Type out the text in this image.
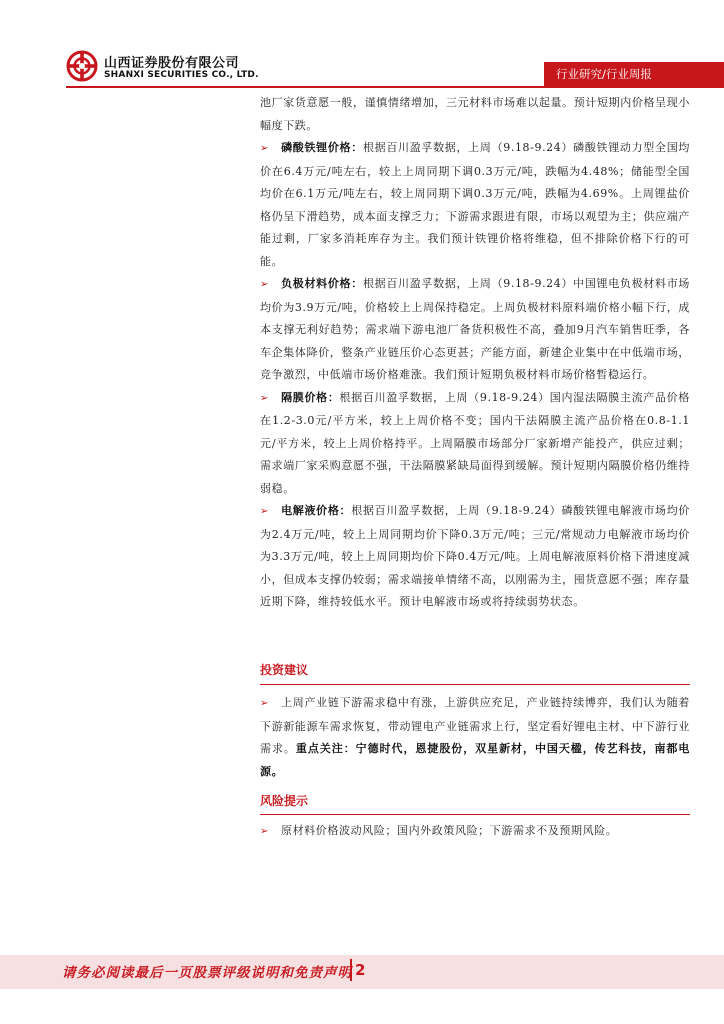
山西证券股份有限公司
SHANXI SECURITIES CO., LTD.	行业研究/行业周报

池厂家货意愿一般，谨慎情绪增加，三元材料市场难以起量。预计短期内价格呈现小幅度下跌。

➢ 磷酸铁锂价格：根据百川盈孚数据，上周（9.18-9.24）磷酸铁锂动力型全国均价在6.4万元/吨左右，较上上周同期下调0.3万元/吨，跌幅为4.48%；储能型全国均价在6.1万元/吨左右，较上周同期下调0.3万元/吨，跌幅为4.69%。上周锂盐价格仍呈下滑趋势，成本面支撑乏力；下游需求跟进有限，市场以观望为主；供应端产能过剩，厂家多消耗库存为主。我们预计铁锂价格将维稳，但不排除价格下行的可能。

➢ 负极材料价格：根据百川盈孚数据，上周（9.18-9.24）中国锂电负极材料市场均价为3.9万元/吨，价格较上上周保持稳定。上周负极材料原料端价格小幅下行，成本支撑无利好趋势；需求端下游电池厂备货积极性不高，叠加9月汽车销售旺季，各车企集体降价，整条产业链压价心态更甚；产能方面，新建企业集中在中低端市场，竞争激烈，中低端市场价格难涨。我们预计短期负极材料市场价格暂稳运行。

➢ 隔膜价格：根据百川盈孚数据，上周（9.18-9.24）国内湿法隔膜主流产品价格在1.2-3.0元/平方米，较上上周价格不变；国内干法隔膜主流产品价格在0.8-1.1元/平方米，较上上周价格持平。上周隔膜市场部分厂家新增产能投产，供应过剩；需求端厂家采购意愿不强，干法隔膜紧缺局面得到缓解。预计短期内隔膜价格仍维持弱稳。

➢ 电解液价格：根据百川盈孚数据，上周（9.18-9.24）磷酸铁锂电解液市场均价为2.4万元/吨，较上上周同期均价下降0.3万元/吨；三元/常规动力电解液市场均价为3.3万元/吨，较上上周同期均价下降0.4万元/吨。上周电解液原料价格下滑速度减小，但成本支撑仍较弱；需求端接单情绪不高，以刚需为主，囤货意愿不强；库存量近期下降，维持较低水平。预计电解液市场或将持续弱势状态。

投资建议

➢ 上周产业链下游需求稳中有涨，上游供应充足，产业链持续博弈，我们认为随着下游新能源车需求恢复，带动锂电产业链需求上行，坚定看好锂电主材、中下游行业需求。重点关注：宁德时代，恩捷股份，双星新材，中国天楹，传艺科技，南都电源。

风险提示

➢ 原材料价格波动风险；国内外政策风险；下游需求不及预期风险。

请务必阅读最后一页股票评级说明和免责声明 2
